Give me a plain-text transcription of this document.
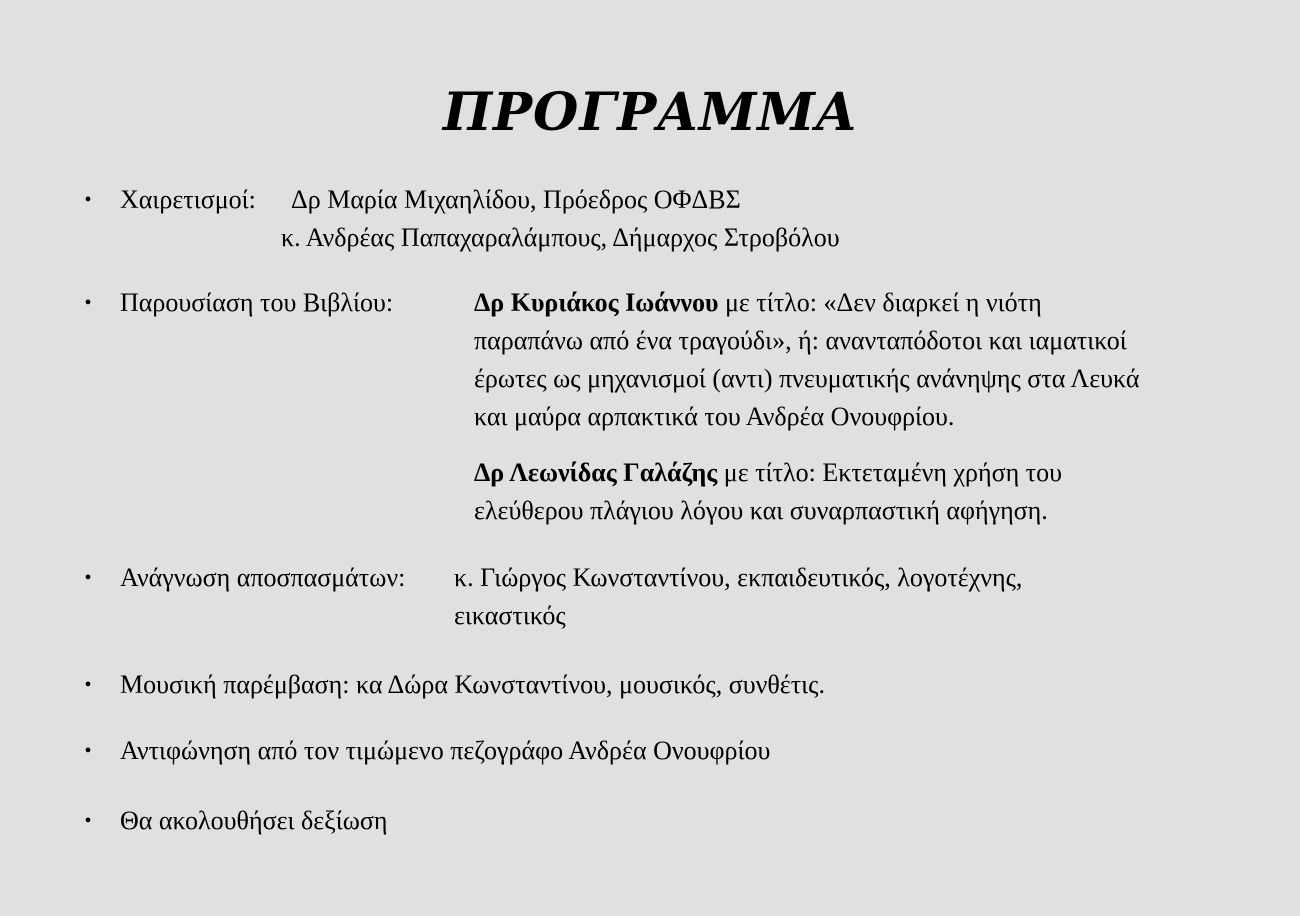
ΠΡΟΓΡΑΜΜΑ
• Χαιρετισμοί: Δρ Μαρία Μιχαηλίδου, Πρόεδρος ΟΦΔΒΣ
κ. Ανδρέας Παπαχαραλάμπους, Δήμαρχος Στροβόλου
• Παρουσίαση του Βιβλίου:	Δρ Κυριάκος Ιωάννου με τίτλο: «Δεν διαρκεί η νιότη
παραπάνω από ένα τραγούδι», ή: ανανταπόδοτοι και ιαματικοί
έρωτες ως μηχανισμοί (αντι) πνευματικής ανάνηψης στα Λευκά
και μαύρα αρπακτικά του Ανδρέα Ονουφρίου.
Δρ Λεωνίδας Γαλάζης με τίτλο: Εκτεταμένη χρήση του
ελεύθερου πλάγιου λόγου και συναρπαστική αφήγηση.
• Ανάγνωση αποσπασμάτων: κ. Γιώργος Κωνσταντίνου, εκπαιδευτικός, λογοτέχνης,
εικαστικός
• Μουσική παρέμβαση: κα Δώρα Κωνσταντίνου, μουσικός, συνθέτις.
• Αντιφώνηση από τον τιμώμενο πεζογράφο Ανδρέα Ονουφρίου
• Θα ακολουθήσει δεξίωση
